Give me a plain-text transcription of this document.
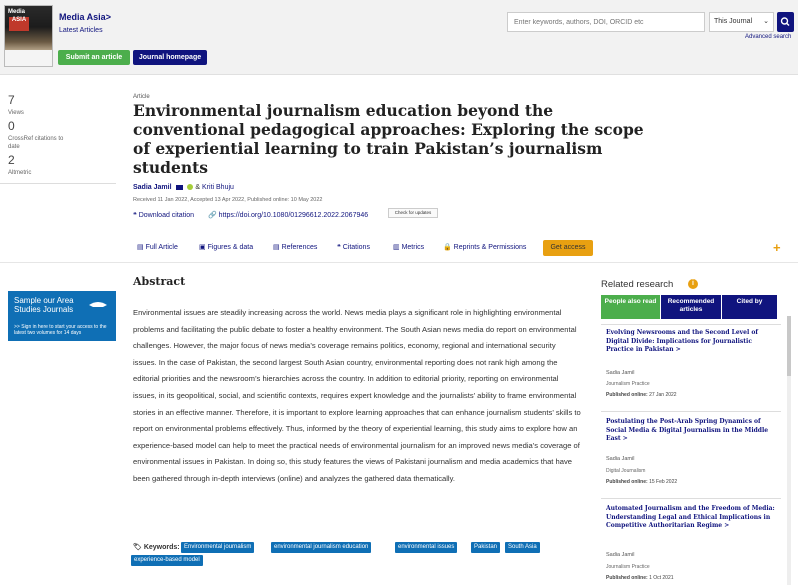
Media
ASIA	Media Asia>
Latest Articles
Submit an article	Journal homepage
Enter keywords, authors, DOI, ORCID etc
This Journal ⌄
Advanced search
7
Views
0
CrossRef citations to date
2
Altmetric
Article
Environmental journalism education beyond the conventional pedagogical approaches: Exploring the scope of experiential learning to train Pakistan’s journalism students
Sadia Jamil	& Kriti Bhuju
Received 11 Jan 2022, Accepted 13 Apr 2022, Published online: 10 May 2022
❝ Download citation 🔗 https://doi.org/10.1080/01296612.2022.2067946	Check for updates
▤ Full Article	▣ Figures & data	▤ References	❝ Citations	▥ Metrics	🔒 Reprints & Permissions	Get access	+
Sample our Area Studies Journals
>> Sign in here to start your access to the latest two volumes for 14 days
Abstract

Environmental issues are steadily increasing across the world. News media plays a significant role in highlighting environmental problems and facilitating the public debate to foster a healthy environment. The South Asian news media do report on environmental challenges. However, the major focus of news media’s coverage remains politics, economy, regional and international security issues. In the case of Pakistan, the second largest South Asian country, environmental reporting does not rank high among the editorial priorities and the newsroom’s hierarchies across the country. In addition to editorial priority, reporting on environmental issues, in its geopolitical, social, and scientific contexts, requires expert knowledge and the journalists’ ability to frame environmental stories in an effective manner. Therefore, it is important to explore learning approaches that can enhance journalism students’ skills to report on environmental problems effectively. Thus, informed by the theory of experiential learning, this study aims to explore how an experience-based model can help to meet the practical needs of environmental journalism for an improved news media’s coverage of environmental issues in Pakistan. In doing so, this study features the views of Pakistani journalism and media academics that have been gathered through in-depth interviews (online) and analyzes the gathered data thematically.

🏷 Keywords: Environmental journalism	environmental journalism education	environmental issues	Pakistan	South Asia
experience-based model
Related research	i
People also read	Recommended articles
Cited by
Evolving Newsrooms and the Second Level of Digital Divide: Implications for Journalistic Practice in Pakistan >
Sadia Jamil
Journalism Practice
Published online: 27 Jan 2022
Postulating the Post-Arab Spring Dynamics of Social Media & Digital Journalism in the Middle East >
Sadia Jamil
Digital Journalism
Published online: 15 Feb 2022
Automated Journalism and the Freedom of Media: Understanding Legal and Ethical Implications in Competitive Authoritarian Regime >
Sadia Jamil
Journalism Practice
Published online: 1 Oct 2021
